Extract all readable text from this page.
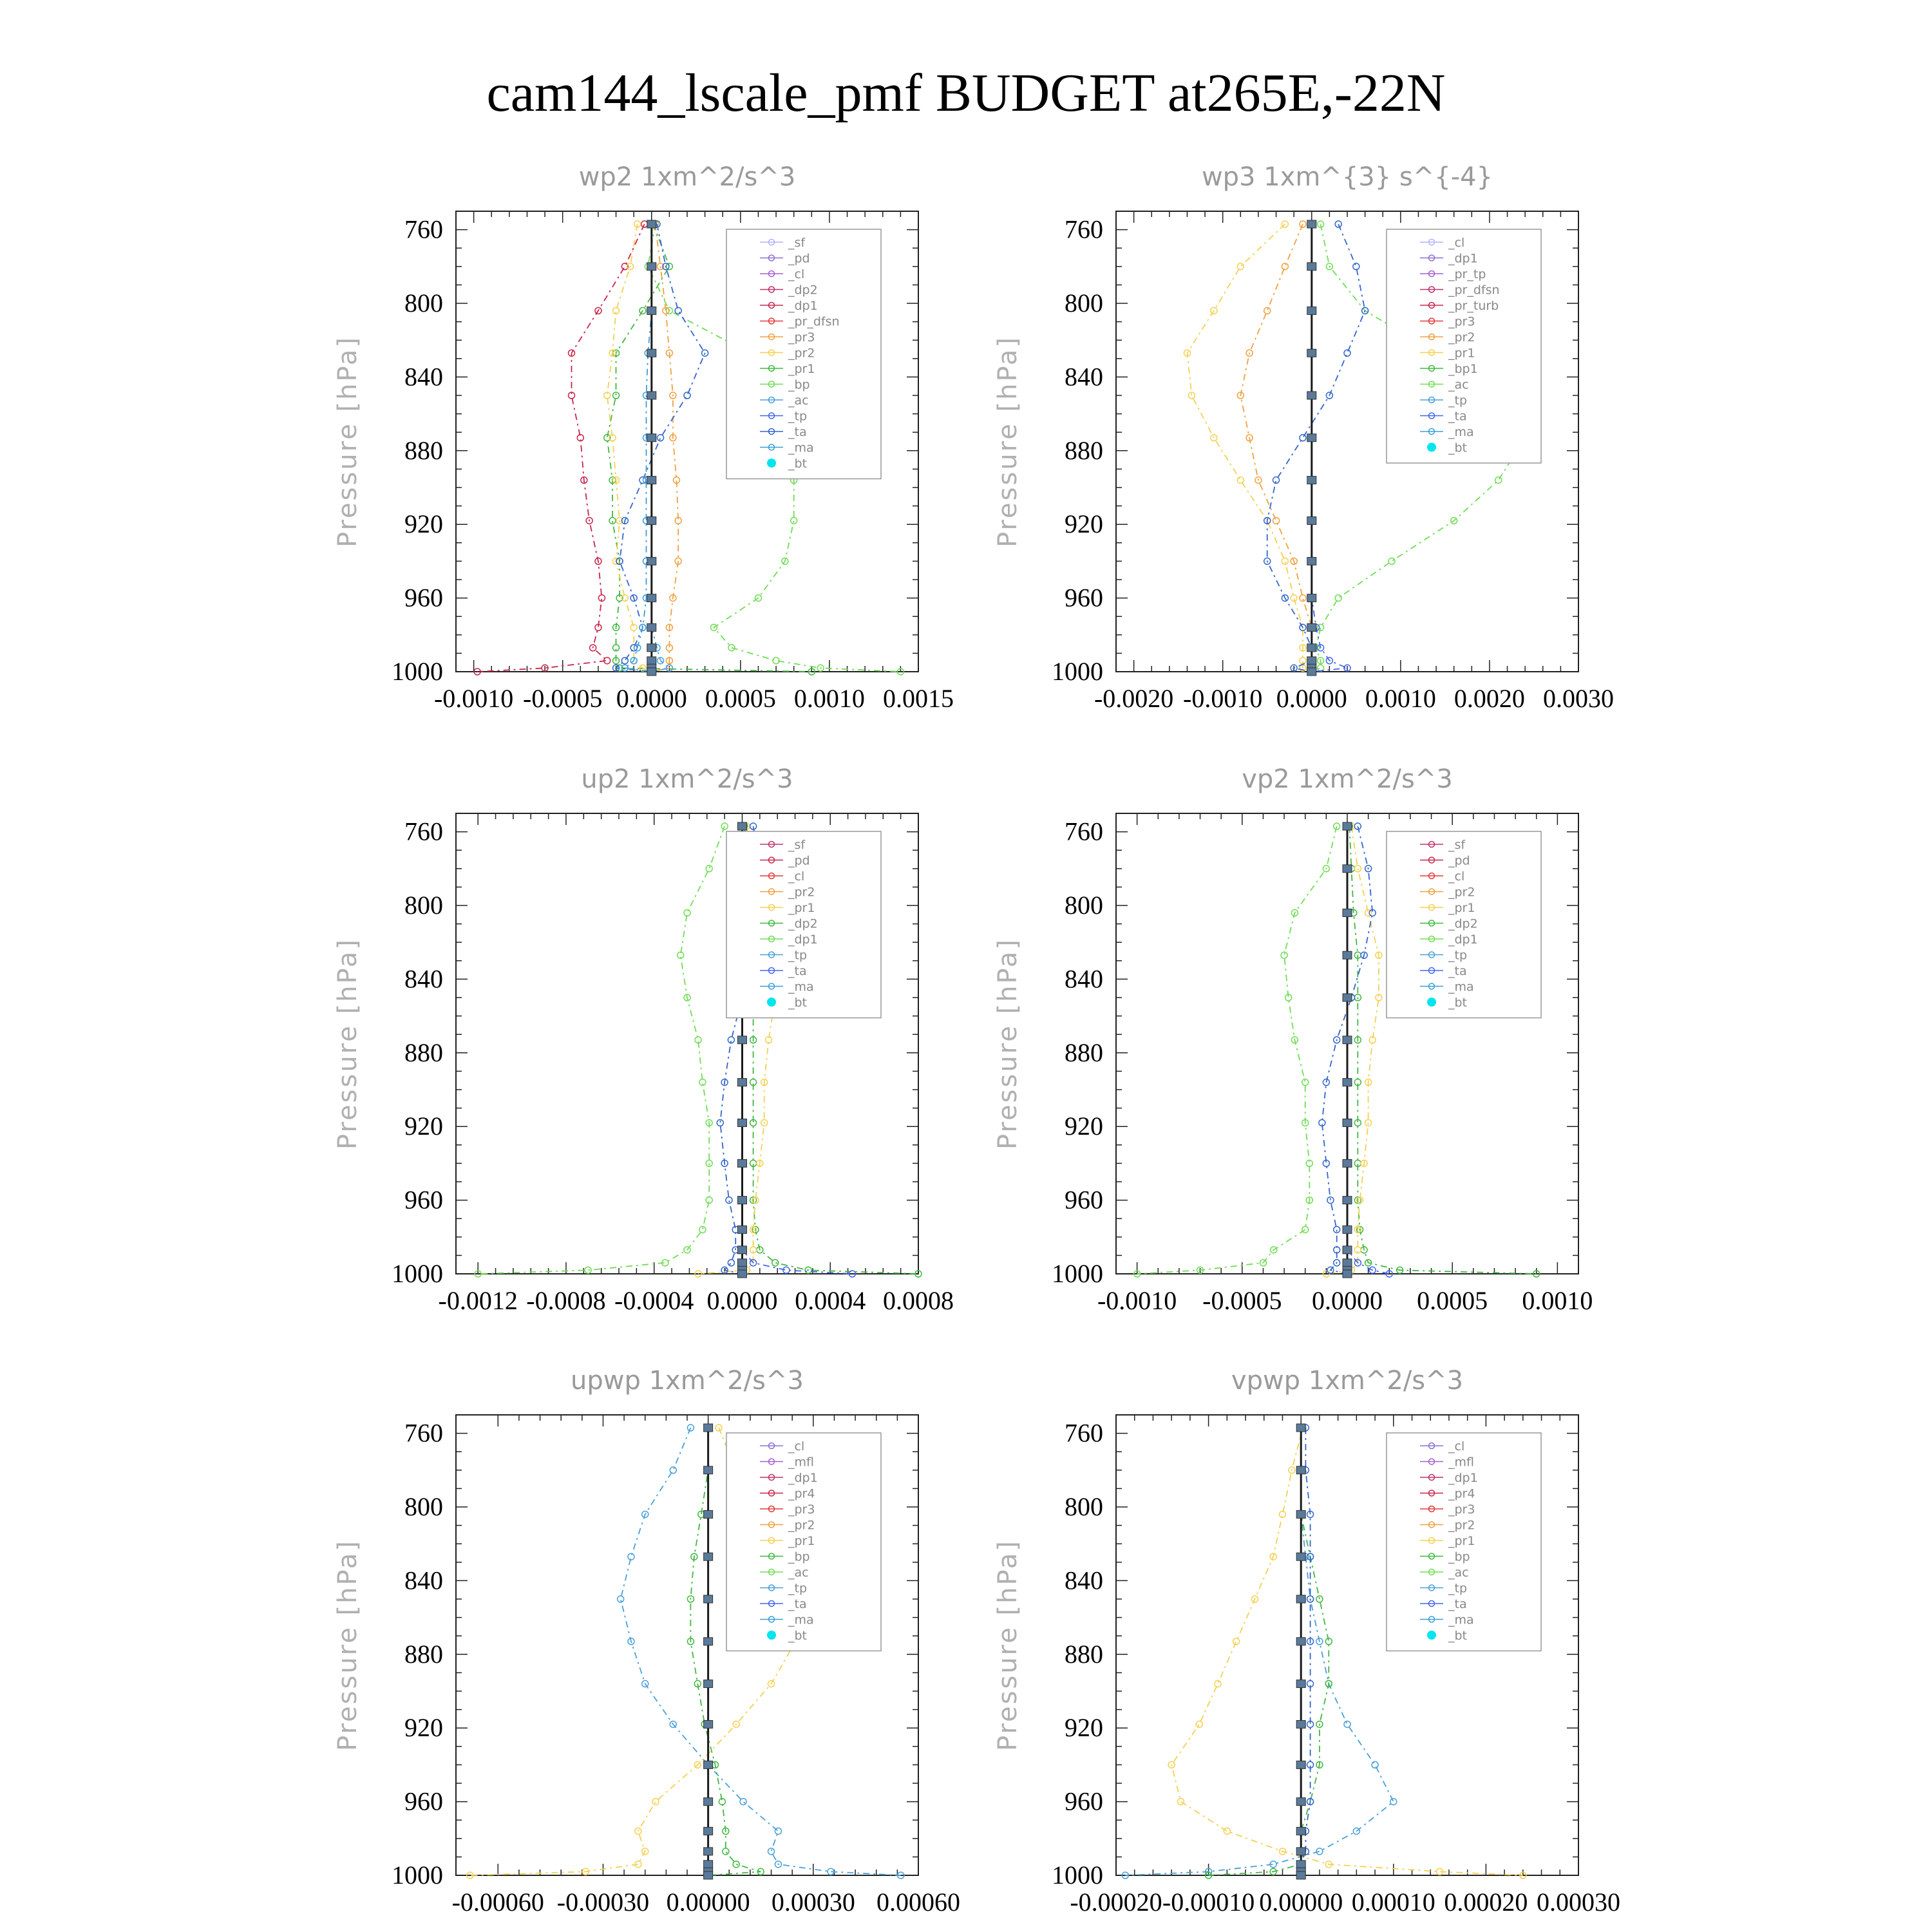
cam144_lscale_pmf BUDGET at265E,-22N
wp2 1xm^2/s^3
Pressure [hPa]
760
800
840
880
920
960
1000
-0.0010 -0.0005 0.0000 0.0005 0.0010 0.0015
_sf
_pd
_cl
_dp2
_dp1
_pr_dfsn
_pr3
_pr2
_pr1
_bp
_ac
_tp
_ta
_ma
_bt
wp3 1xm^{3} s^{-4}
Pressure [hPa]
760
800
840
880
920
960
1000
-0.0020 -0.0010 0.0000 0.0010 0.0020 0.0030
_cl
_dp1
_pr_tp
_pr_dfsn
_pr_turb
_pr3
_pr2
_pr1
_bp1
_ac
_tp
_ta
_ma
_bt
up2 1xm^2/s^3
Pressure [hPa]
760
800
840
880
920
960
1000
-0.0012 -0.0008 -0.0004 0.0000 0.0004 0.0008
_sf
_pd
_cl
_pr2
_pr1
_dp2
_dp1
_tp
_ta
_ma
_bt
vp2 1xm^2/s^3
Pressure [hPa]
760
800
840
880
920
960
1000
-0.0010 -0.0005 0.0000 0.0005 0.0010
_sf
_pd
_cl
_pr2
_pr1
_dp2
_dp1
_tp
_ta
_ma
_bt
upwp 1xm^2/s^3
Pressure [hPa]
760
800
840
880
920
960
1000
-0.00060 -0.00030 0.00000 0.00030 0.00060
_cl
_mfl
_dp1
_pr4
_pr3
_pr2
_pr1
_bp
_ac
_tp
_ta
_ma
_bt
vpwp 1xm^2/s^3
Pressure [hPa]
760
800
840
880
920
960
1000
-0.00020 -0.00010 0.00000 0.00010 0.00020 0.00030
_cl
_mfl
_dp1
_pr4
_pr3
_pr2
_pr1
_bp
_ac
_tp
_ta
_ma
_bt
